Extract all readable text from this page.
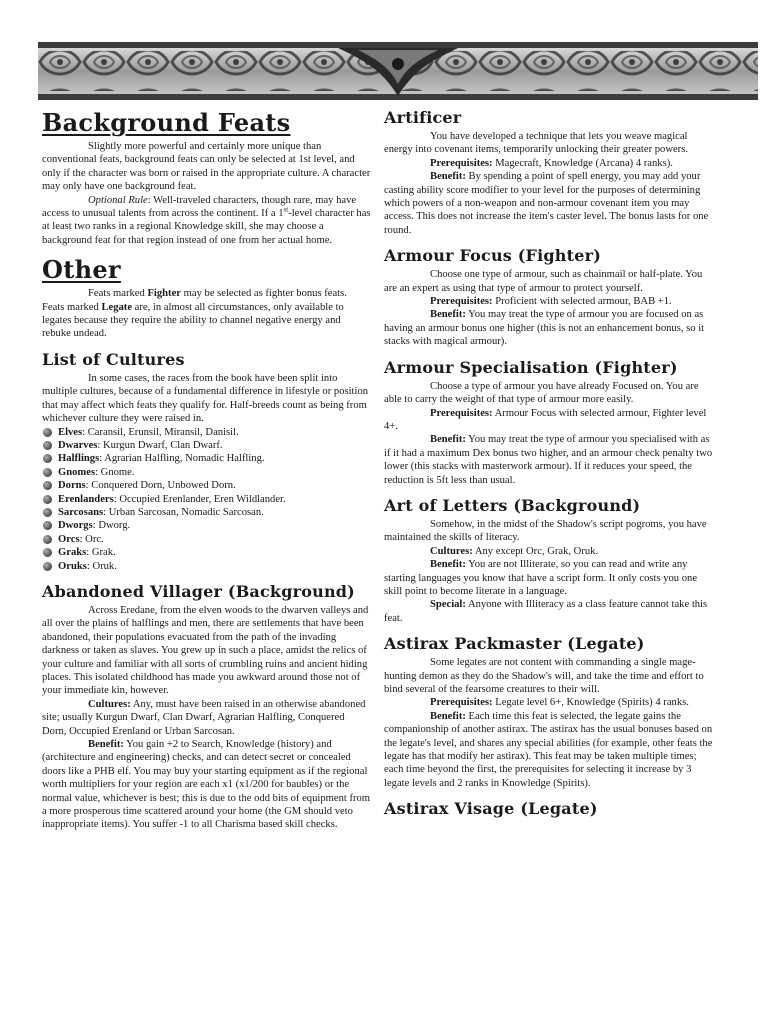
Background Feats

Slightly more powerful and certainly more unique than conventional feats, background feats can only be selected at 1st level, and only if the character was born or raised in the appropriate culture. A character may only have one background feat.

Optional Rule: Well-traveled characters, though rare, may have access to unusual talents from across the continent. If a 1st-level character has at least two ranks in a regional Knowledge skill, she may choose a background feat for that region instead of one from her actual home.

Other

Feats marked Fighter may be selected as fighter bonus feats. Feats marked Legate are, in almost all circumstances, only available to legates because they require the ability to channel negative energy and rebuke undead.

List of Cultures

In some cases, the races from the book have been split into multiple cultures, because of a fundamental difference in lifestyle or position that may affect which feats they qualify for. Half-breeds count as being from whichever culture they were raised in.

Elves: Caransil, Erunsil, Miransil, Danisil.
Dwarves: Kurgun Dwarf, Clan Dwarf.
Halflings: Agrarian Halfling, Nomadic Halfling.
Gnomes: Gnome.
Dorns: Conquered Dorn, Unbowed Dorn.
Erenlanders: Occupied Erenlander, Eren Wildlander.
Sarcosans: Urban Sarcosan, Nomadic Sarcosan.
Dworgs: Dworg.
Orcs: Orc.
Graks: Grak.
Oruks: Oruk.
Abandoned Villager (Background)

Across Eredane, from the elven woods to the dwarven valleys and all over the plains of halflings and men, there are settlements that have been abandoned, their populations evacuated from the path of the invading darkness or taken as slaves. You grew up in such a place, amidst the relics of your culture and familiar with all sorts of crumbling ruins and ancient hiding places. This isolated childhood has made you awkward around those not of your immediate kin, however.

Cultures: Any, must have been raised in an otherwise abandoned site; usually Kurgun Dwarf, Clan Dwarf, Agrarian Halfling, Conquered Dorn, Occupied Erenland or Urban Sarcosan.

Benefit: You gain +2 to Search, Knowledge (history) and (architecture and engineering) checks, and can detect secret or concealed doors like a PHB elf. You may buy your starting equipment as if the regional worth multipliers for your region are each x1 (x1/200 for baubles) or the normal value, whichever is best; this is due to the odd bits of equipment from a more prosperous time scattered around your home (the GM should veto inappropriate items). You suffer -1 to all Charisma based skill checks.

Artificer

You have developed a technique that lets you weave magical energy into covenant items, temporarily unlocking their greater powers.

Prerequisites: Magecraft, Knowledge (Arcana) 4 ranks).

Benefit: By spending a point of spell energy, you may add your casting ability score modifier to your level for the purposes of determining which powers of a non-weapon and non-armour covenant item you may access. This does not increase the item's caster level. The bonus lasts for one round.

Armour Focus (Fighter)

Choose one type of armour, such as chainmail or half-plate. You are an expert as using that type of armour to protect yourself.

Prerequisites: Proficient with selected armour, BAB +1.

Benefit: You may treat the type of armour you are focused on as having an armour bonus one higher (this is not an enhancement bonus, so it stacks with magical armour).

Armour Specialisation (Fighter)

Choose a type of armour you have already Focused on. You are able to carry the weight of that type of armour more easily.

Prerequisites: Armour Focus with selected armour, Fighter level 4+.

Benefit: You may treat the type of armour you specialised with as if it had a maximum Dex bonus two higher, and an armour check penalty two lower (this stacks with masterwork armour). If it reduces your speed, the reduction is 5ft less than usual.

Art of Letters (Background)

Somehow, in the midst of the Shadow's script pogroms, you have maintained the skills of literacy.

Cultures: Any except Orc, Grak, Oruk.

Benefit: You are not Illiterate, so you can read and write any starting languages you know that have a script form. It only costs you one skill point to become literate in a language.

Special: Anyone with Illiteracy as a class feature cannot take this feat.

Astirax Packmaster (Legate)

Some legates are not content with commanding a single mage-hunting demon as they do the Shadow's will, and take the time and effort to bind several of the fearsome creatures to their will.

Prerequisites: Legate level 6+, Knowledge (Spirits) 4 ranks.

Benefit: Each time this feat is selected, the legate gains the companionship of another astirax. The astirax has the usual bonuses based on the legate's level, and shares any special abilities (for example, other feats the legate has that modify her astirax). This feat may be taken multiple times; each time beyond the first, the prerequisites for selecting it increase by 3 legate levels and 2 ranks in Knowledge (Spirits).

Astirax Visage (Legate)
